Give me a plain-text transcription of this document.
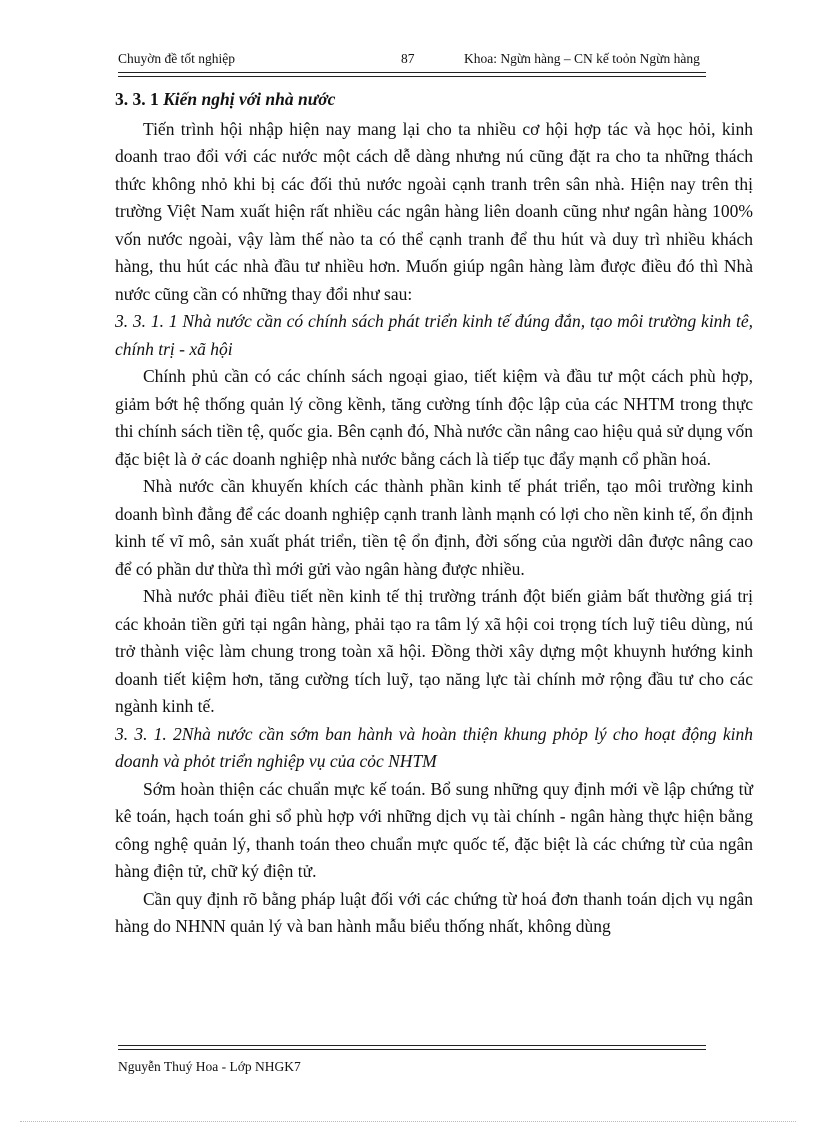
Chuyờn đề tốt nghiệp	87	Khoa: Ngừn hàng – CN kế toỏn Ngừn hàng

3. 3. 1 Kiến nghị với nhà nước

Tiến trình hội nhập hiện nay mang lại cho ta nhiều cơ hội hợp tác và học hỏi, kinh doanh trao đổi với các nước một cách dễ dàng nhưng nú cũng đặt ra cho ta những thách thức không nhỏ khi bị các đối thủ nước ngoài cạnh tranh trên sân nhà. Hiện nay trên thị trường Việt Nam xuất hiện rất nhiều các ngân hàng liên doanh cũng như ngân hàng 100% vốn nước ngoài, vậy làm thế nào ta có thể cạnh tranh để thu hút và duy trì nhiều khách hàng, thu hút các nhà đầu tư nhiều hơn. Muốn giúp ngân hàng làm được điều đó thì Nhà nước cũng cần có những thay đổi như sau:

3. 3. 1. 1 Nhà nước cần có chính sách phát triển kinh tế đúng đắn, tạo môi trường kinh tê, chính trị - xã hội

Chính phủ cần có các chính sách ngoại giao, tiết kiệm và đầu tư một cách phù hợp, giảm bớt hệ thống quản lý cồng kềnh, tăng cường tính độc lập của các NHTM trong thực thi chính sách tiền tệ, quốc gia. Bên cạnh đó, Nhà nước cần nâng cao hiệu quả sử dụng vốn đặc biệt là ở các doanh nghiệp nhà nước bằng cách là tiếp tục đẩy mạnh cổ phần hoá.

Nhà nước cần khuyến khích các thành phần kinh tế phát triển, tạo môi trường kinh doanh bình đẳng để các doanh nghiệp cạnh tranh lành mạnh có lợi cho nền kinh tế, ổn định kinh tế vĩ mô, sản xuất phát triển, tiền tệ ổn định, đời sống của người dân được nâng cao để có phần dư thừa thì mới gửi vào ngân hàng được nhiều.

Nhà nước phải điều tiết nền kinh tế thị trường tránh đột biến giảm bất thường giá trị các khoản tiền gửi tại ngân hàng, phải tạo ra tâm lý xã hội coi trọng tích luỹ tiêu dùng, nú trở thành việc làm chung trong toàn xã hội. Đồng thời xây dựng một khuynh hướng kinh doanh tiết kiệm hơn, tăng cường tích luỹ, tạo năng lực tài chính mở rộng đầu tư cho các ngành kinh tế.

3. 3. 1. 2Nhà nước cần sớm ban hành và hoàn thiện khung phỏp lý cho hoạt động kinh doanh và phỏt triển nghiệp vụ của cỏc NHTM

Sớm hoàn thiện các chuẩn mực kế toán. Bổ sung những quy định mới về lập chứng từ kê toán, hạch toán ghi sổ phù hợp với những dịch vụ tài chính - ngân hàng thực hiện bằng công nghệ quản lý, thanh toán theo chuẩn mực quốc tế, đặc biệt là các chứng từ của ngân hàng điện tử, chữ ký điện tử.

Cần quy định rõ bằng pháp luật đối với các chứng từ hoá đơn thanh toán dịch vụ ngân hàng do NHNN quản lý và ban hành mẫu biểu thống nhất, không dùng

Nguyễn Thuý Hoa - Lớp NHGK7
